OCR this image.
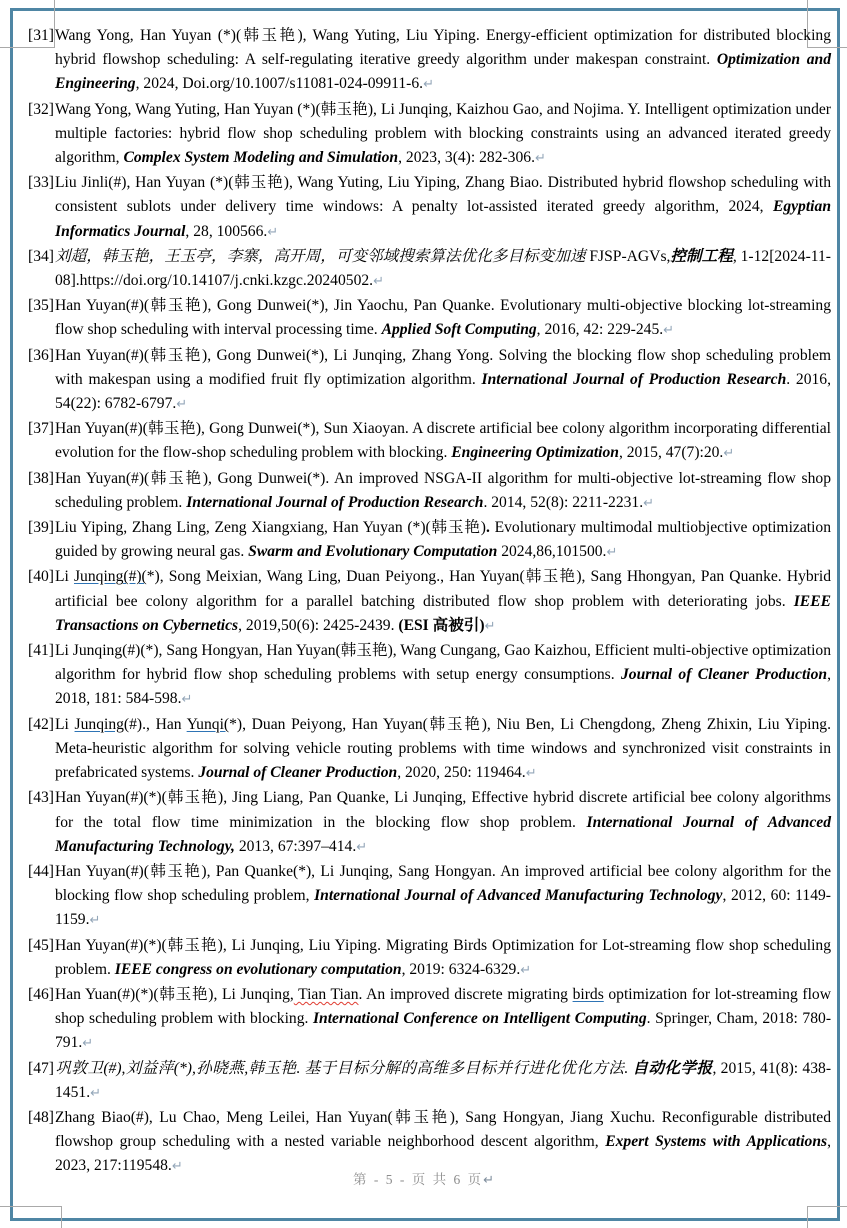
[31]Wang Yong, Han Yuyan (*)(韩玉艳), Wang Yuting, Liu Yiping. Energy-efficient optimization for distributed blocking hybrid flowshop scheduling: A self-regulating iterative greedy algorithm under makespan constraint. Optimization and Engineering, 2024, Doi.org/10.1007/s11081-024-09911-6.↵

[32]Wang Yong, Wang Yuting, Han Yuyan (*)(韩玉艳), Li Junqing, Kaizhou Gao, and Nojima. Y. Intelligent optimization under multiple factories: hybrid flow shop scheduling problem with blocking constraints using an advanced iterated greedy algorithm, Complex System Modeling and Simulation, 2023, 3(4): 282-306.↵

[33]Liu Jinli(#), Han Yuyan (*)(韩玉艳), Wang Yuting, Liu Yiping, Zhang Biao. Distributed hybrid flowshop scheduling with consistent sublots under delivery time windows: A penalty lot-assisted iterated greedy algorithm, 2024, Egyptian Informatics Journal, 28, 100566.↵

[34]刘超，韩玉艳，王玉亭，李寨，高开周，可变邻域搜索算法优化多目标变加速 FJSP-AGVs,控制工程, 1-12[2024-11-08].https://doi.org/10.14107/j.cnki.kzgc.20240502.↵

[35]Han Yuyan(#)(韩玉艳), Gong Dunwei(*), Jin Yaochu, Pan Quanke. Evolutionary multi-objective blocking lot-streaming flow shop scheduling with interval processing time. Applied Soft Computing, 2016, 42: 229-245.↵

[36]Han Yuyan(#)(韩玉艳), Gong Dunwei(*), Li Junqing, Zhang Yong. Solving the blocking flow shop scheduling problem with makespan using a modified fruit fly optimization algorithm. International Journal of Production Research. 2016, 54(22): 6782-6797.↵

[37]Han Yuyan(#)(韩玉艳), Gong Dunwei(*), Sun Xiaoyan. A discrete artificial bee colony algorithm incorporating differential evolution for the flow-shop scheduling problem with blocking. Engineering Optimization, 2015, 47(7):20.↵

[38]Han Yuyan(#)(韩玉艳), Gong Dunwei(*). An improved NSGA-II algorithm for multi-objective lot-streaming flow shop scheduling problem. International Journal of Production Research. 2014, 52(8): 2211-2231.↵

[39]Liu Yiping, Zhang Ling, Zeng Xiangxiang, Han Yuyan (*)(韩玉艳). Evolutionary multimodal multiobjective optimization guided by growing neural gas. Swarm and Evolutionary Computation 2024,86,101500.↵

[40]Li Junqing(#)(*), Song Meixian, Wang Ling, Duan Peiyong., Han Yuyan(韩玉艳), Sang Hhongyan, Pan Quanke. Hybrid artificial bee colony algorithm for a parallel batching distributed flow shop problem with deteriorating jobs. IEEE Transactions on Cybernetics, 2019,50(6): 2425-2439. (ESI 高被引)↵

[41]Li Junqing(#)(*), Sang Hongyan, Han Yuyan(韩玉艳), Wang Cungang, Gao Kaizhou, Efficient multi-objective optimization algorithm for hybrid flow shop scheduling problems with setup energy consumptions. Journal of Cleaner Production, 2018, 181: 584-598.↵

[42]Li Junqing(#)., Han Yunqi(*), Duan Peiyong, Han Yuyan(韩玉艳), Niu Ben, Li Chengdong, Zheng Zhixin, Liu Yiping. Meta-heuristic algorithm for solving vehicle routing problems with time windows and synchronized visit constraints in prefabricated systems. Journal of Cleaner Production, 2020, 250: 119464.↵

[43]Han Yuyan(#)(*)(韩玉艳), Jing Liang, Pan Quanke, Li Junqing, Effective hybrid discrete artificial bee colony algorithms for the total flow time minimization in the blocking flow shop problem. International Journal of Advanced Manufacturing Technology, 2013, 67:397–414.↵

[44]Han Yuyan(#)(韩玉艳), Pan Quanke(*), Li Junqing, Sang Hongyan. An improved artificial bee colony algorithm for the blocking flow shop scheduling problem, International Journal of Advanced Manufacturing Technology, 2012, 60: 1149-1159.↵

[45]Han Yuyan(#)(*)(韩玉艳), Li Junqing, Liu Yiping. Migrating Birds Optimization for Lot-streaming flow shop scheduling problem. IEEE congress on evolutionary computation, 2019: 6324-6329.↵

[46]Han Yuan(#)(*)(韩玉艳), Li Junqing, Tian Tian. An improved discrete migrating birds optimization for lot-streaming flow shop scheduling problem with blocking. International Conference on Intelligent Computing. Springer, Cham, 2018: 780-791.↵

[47]巩敦卫(#),刘益萍(*),孙晓燕,韩玉艳. 基于目标分解的高维多目标并行进化优化方法. 自动化学报, 2015, 41(8): 438-1451.↵

[48]Zhang Biao(#), Lu Chao, Meng Leilei, Han Yuyan(韩玉艳), Sang Hongyan, Jiang Xuchu. Reconfigurable distributed flowshop group scheduling with a nested variable neighborhood descent algorithm, Expert Systems with Applications, 2023, 217:119548.↵

第 - 5 - 页 共 6 页↵
